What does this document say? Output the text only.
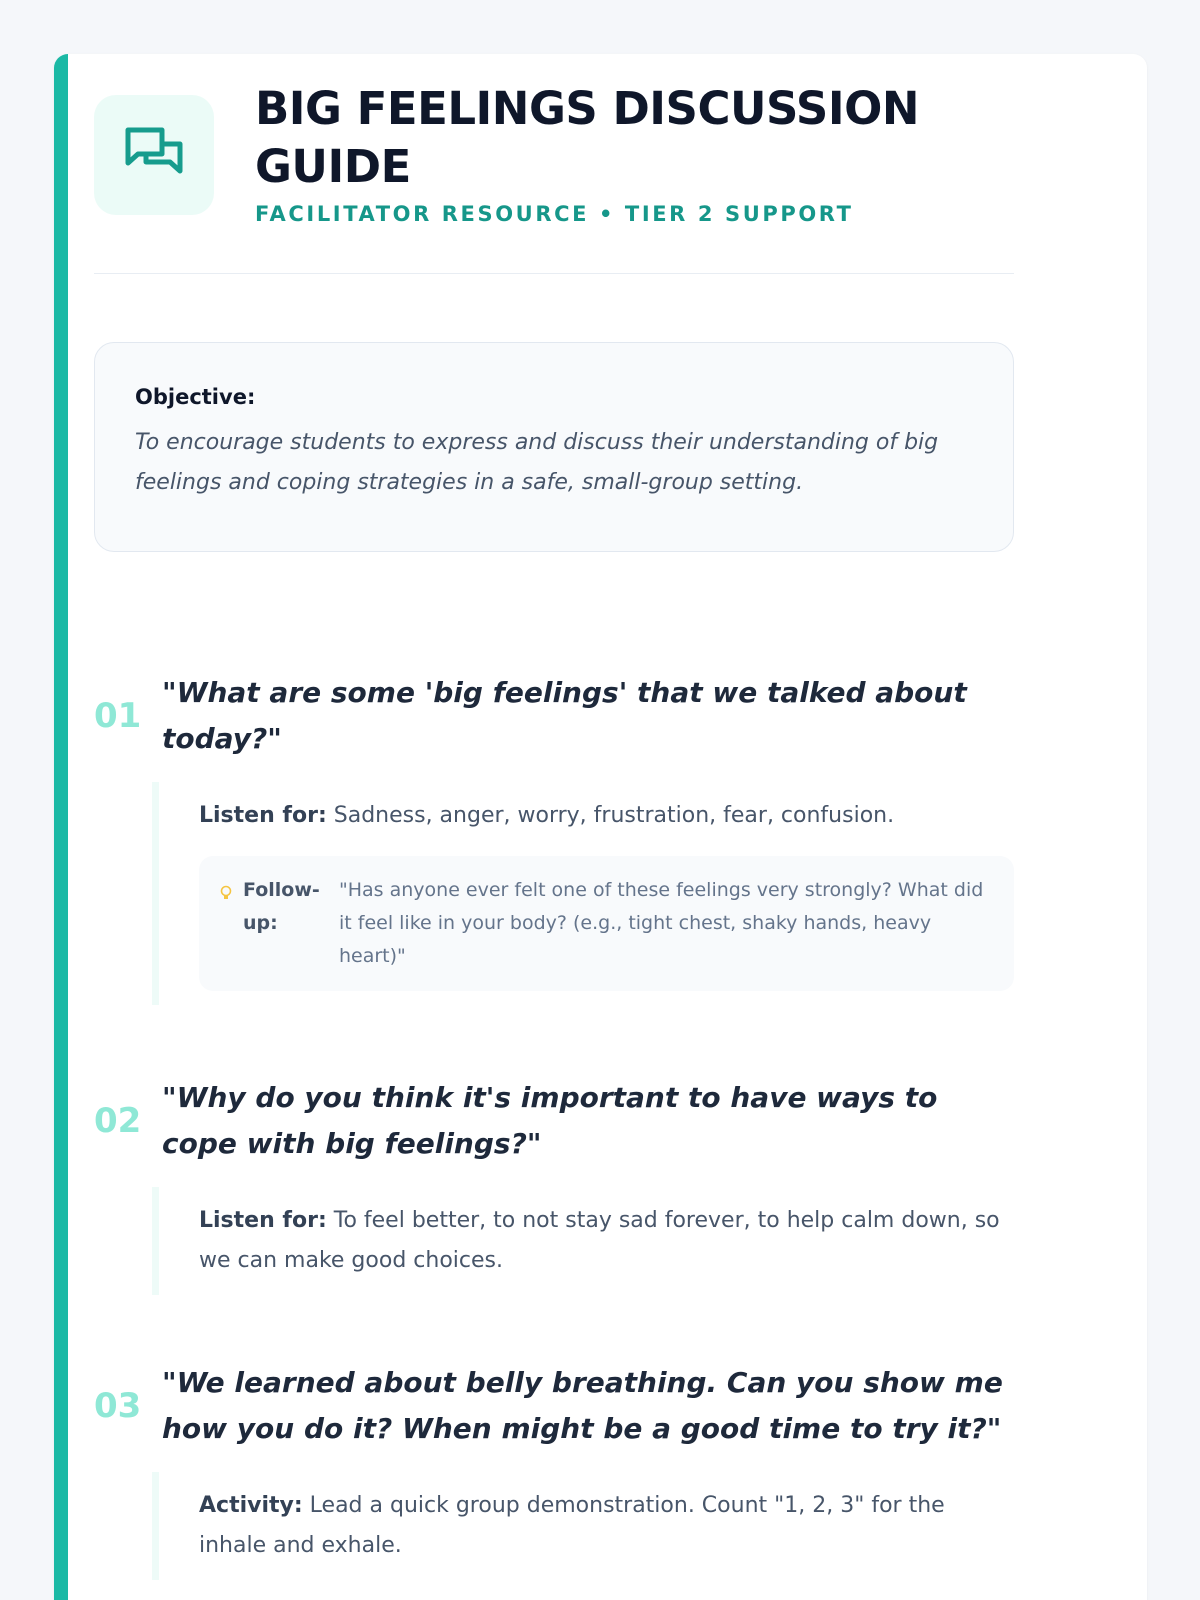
BIG FEELINGS DISCUSSION GUIDE
FACILITATOR RESOURCE • TIER 2 SUPPORT
Objective:
To encourage students to express and discuss their understanding of big feelings and coping strategies in a safe, small-group setting.
01
"What are some 'big feelings' that we talked about today?"
Listen for: Sadness, anger, worry, frustration, fear, confusion.
Follow-up:
"Has anyone ever felt one of these feelings very strongly? What did it feel like in your body? (e.g., tight chest, shaky hands, heavy heart)"
02
"Why do you think it's important to have ways to cope with big feelings?"
Listen for: To feel better, to not stay sad forever, to help calm down, so we can make good choices.
03
"We learned about belly breathing. Can you show me how you do it? When might be a good time to try it?"
Activity: Lead a quick group demonstration. Count "1, 2, 3" for the inhale and exhale.
